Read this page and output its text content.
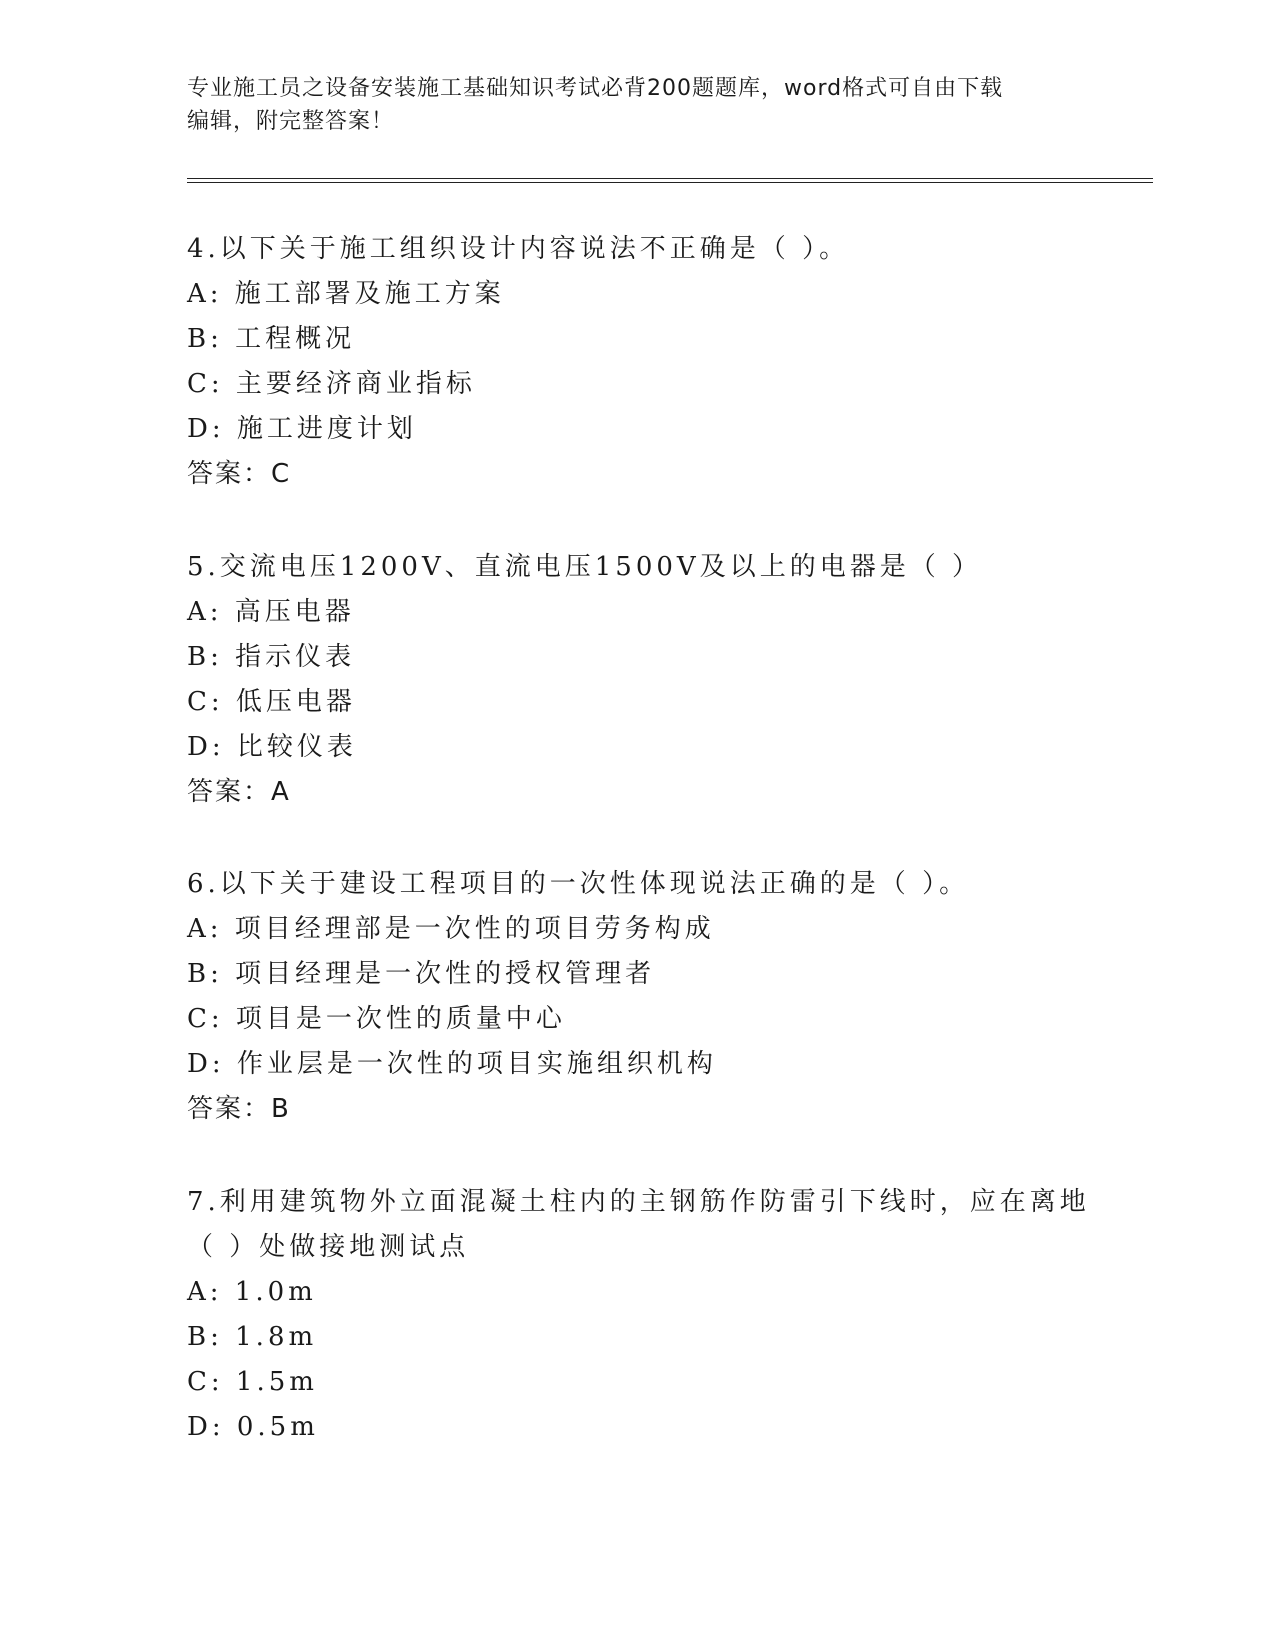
专业施工员之设备安装施工基础知识考试必背200题题库，word格式可自由下载
编辑，附完整答案！
4.以下关于施工组织设计内容说法不正确是（ ）。
A: 施工部署及施工方案
B: 工程概况
C: 主要经济商业指标
D: 施工进度计划
答案：C
5.交流电压1200V、直流电压1500V及以上的电器是（ ）
A: 高压电器
B: 指示仪表
C: 低压电器
D: 比较仪表
答案：A
6.以下关于建设工程项目的一次性体现说法正确的是（ ）。
A: 项目经理部是一次性的项目劳务构成
B: 项目经理是一次性的授权管理者
C: 项目是一次性的质量中心
D: 作业层是一次性的项目实施组织机构
答案：B
7.利用建筑物外立面混凝土柱内的主钢筋作防雷引下线时，应在离地
（ ）处做接地测试点
A: 1.0m
B: 1.8m
C: 1.5m
D: 0.5m
